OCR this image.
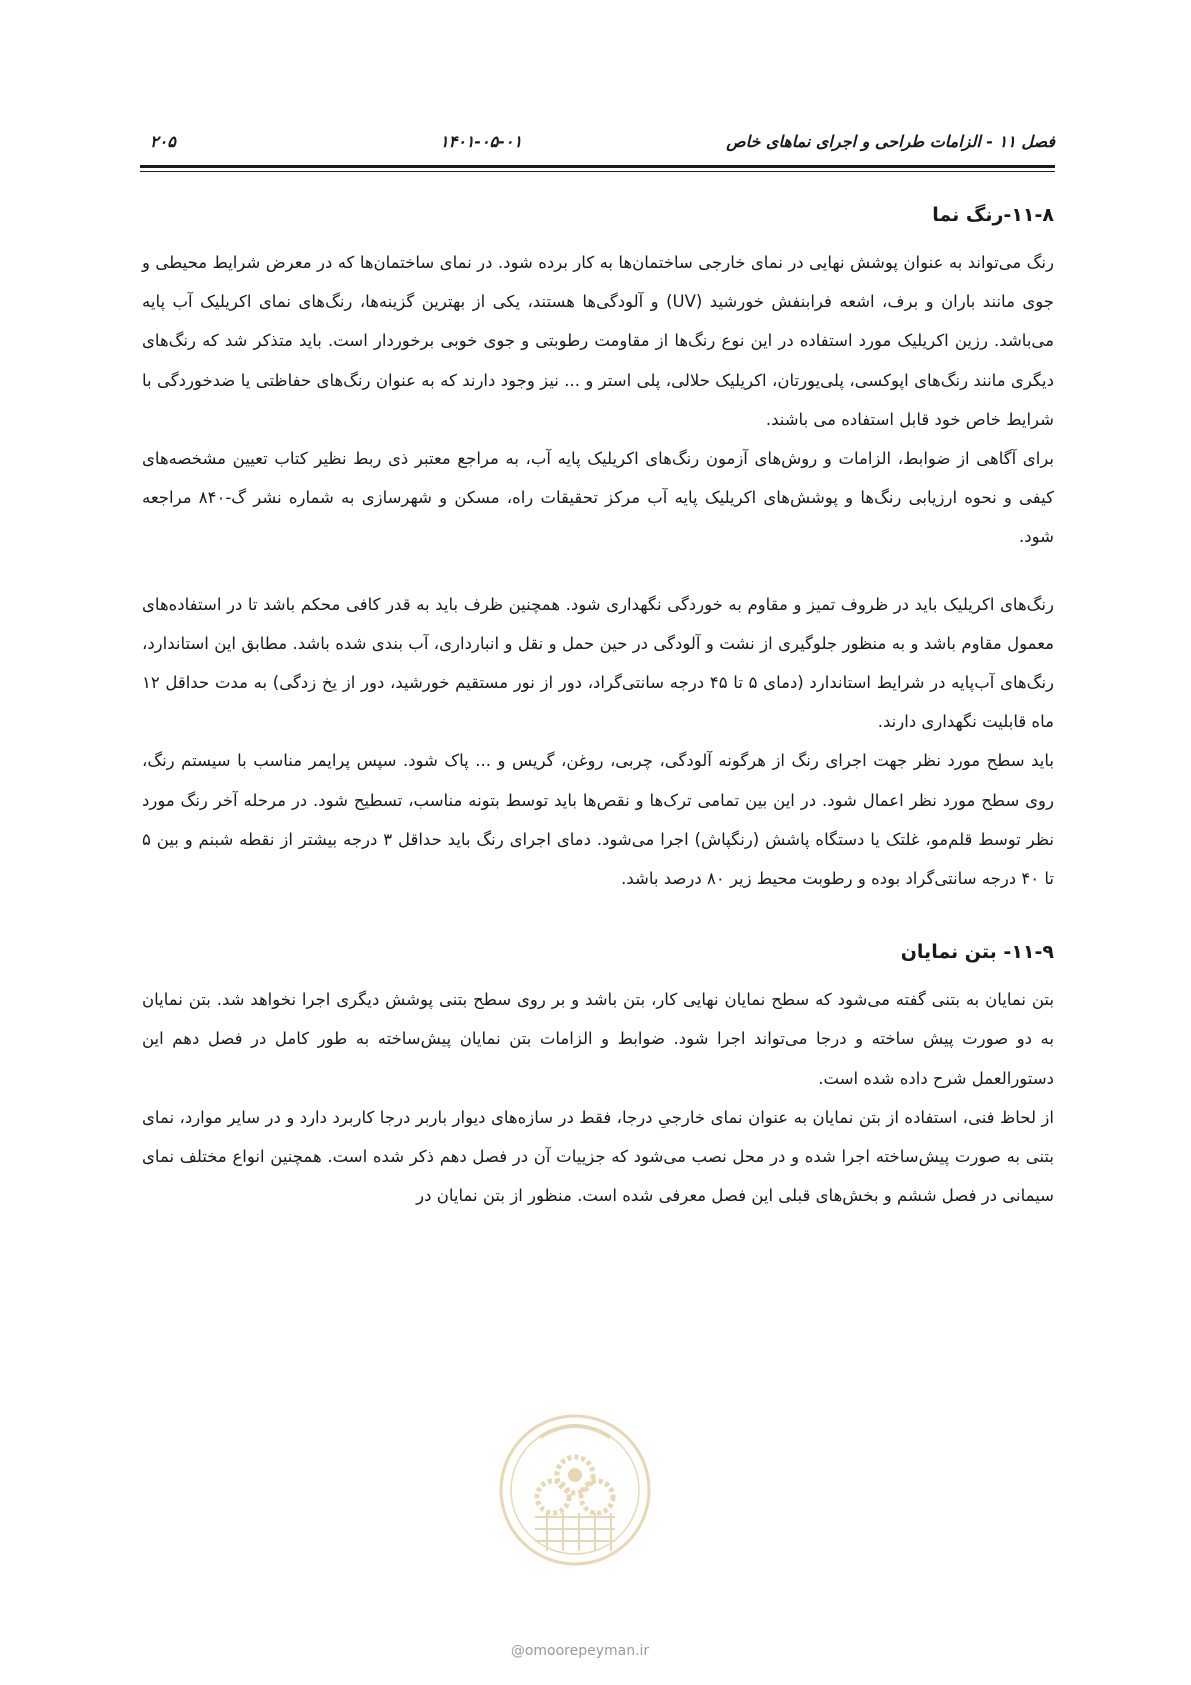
فصل ۱۱ - الزامات طراحی و اجرای نماهای خاص
۱۴۰۱-۰۵-۰۱
۲۰۵
۱۱-۸-رنگ نما

رنگ می‌تواند به عنوان پوشش نهایی در نمای خارجی ساختمان‌ها به کار برده شود. در نمای ساختمان‌ها که در معرض شرایط محیطی و جوی مانند باران و برف، اشعه فرابنفش خورشید (UV) و آلودگی‌ها هستند، یکی از بهترین گزینه‌ها، رنگ‌های نمای اکریلیک آب پایه می‌باشد. رزین اکریلیک مورد استفاده در این نوع رنگ‌ها از مقاومت رطوبتی و جوی خوبی برخوردار است. باید متذکر شد که رنگ‌های دیگری مانند رنگ‌های اپوکسی، پلی‌یورتان، اکریلیک حلالی، پلی استر و ... نیز وجود دارند که به عنوان رنگ‌های حفاظتی یا ضدخوردگی با شرایط خاص خود قابل استفاده می باشند.

برای آگاهی از ضوابط، الزامات و روش‌های آزمون رنگ‌های اکریلیک پایه آب، به مراجع معتبر ذی ربط نظیر کتاب تعیین مشخصه‌های کیفی و نحوه ارزیابی رنگ‌ها و پوشش‌های اکریلیک پایه آب مرکز تحقیقات راه، مسکن و شهرسازی به شماره نشر گ-۸۴۰ مراجعه شود.

رنگ‌های اکریلیک باید در ظروف تمیز و مقاوم به خوردگی نگهداری شود. همچنین ظرف باید به قدر کافی محکم باشد تا در استفاده‌های معمول مقاوم باشد و به منظور جلوگیری از نشت و آلودگی در حین حمل و نقل و انبارداری، آب بندی شده باشد. مطابق این استاندارد، رنگ‌های آب‌پایه در شرایط استاندارد (دمای ۵ تا ۴۵ درجه سانتی‌گراد، دور از نور مستقیم خورشید، دور از یخ زدگی) به مدت حداقل ۱۲ ماه قابلیت نگهداری دارند.

باید سطح مورد نظر جهت اجرای رنگ از هرگونه آلودگی، چربی، روغن، گریس و ... پاک شود. سپس پرایمر مناسب با سیستم رنگ، روی سطح مورد نظر اعمال شود. در این بین تمامی ترک‌ها و نقص‌ها باید توسط بتونه مناسب، تسطیح شود. در مرحله آخر رنگ مورد نظر توسط قلم‌مو، غلتک یا دستگاه پاشش (رنگپاش) اجرا می‌شود. دمای اجرای رنگ باید حداقل ۳ درجه بیشتر از نقطه شبنم و بین ۵ تا ۴۰ درجه سانتی‌گراد بوده و رطوبت محیط زیر ۸۰ درصد باشد.

۱۱-۹- بتن نمایان

بتن نمایان به بتنی گفته می‌شود که سطح نمایان نهایی کار، بتن باشد و بر روی سطح بتنی پوشش دیگری اجرا نخواهد شد. بتن نمایان به دو صورت پیش ساخته و درجا می‌تواند اجرا شود. ضوابط و الزامات بتن نمایان پیش‌ساخته به طور کامل در فصل دهم این دستورالعمل شرح داده شده است.

از لحاظ فنی، استفاده از بتن نمایان به عنوان نمای خارجیِ درجا، فقط در سازه‌های دیوار باربر درجا کاربرد دارد و در سایر موارد، نمای بتنی به صورت پیش‌ساخته اجرا شده و در محل نصب می‌شود که جزییات آن در فصل دهم ذکر شده است. همچنین انواع مختلف نمای سیمانی در فصل ششم و بخش‌های قبلی این فصل معرفی شده است. منظور از بتن نمایان در

@omoorepeyman.ir
